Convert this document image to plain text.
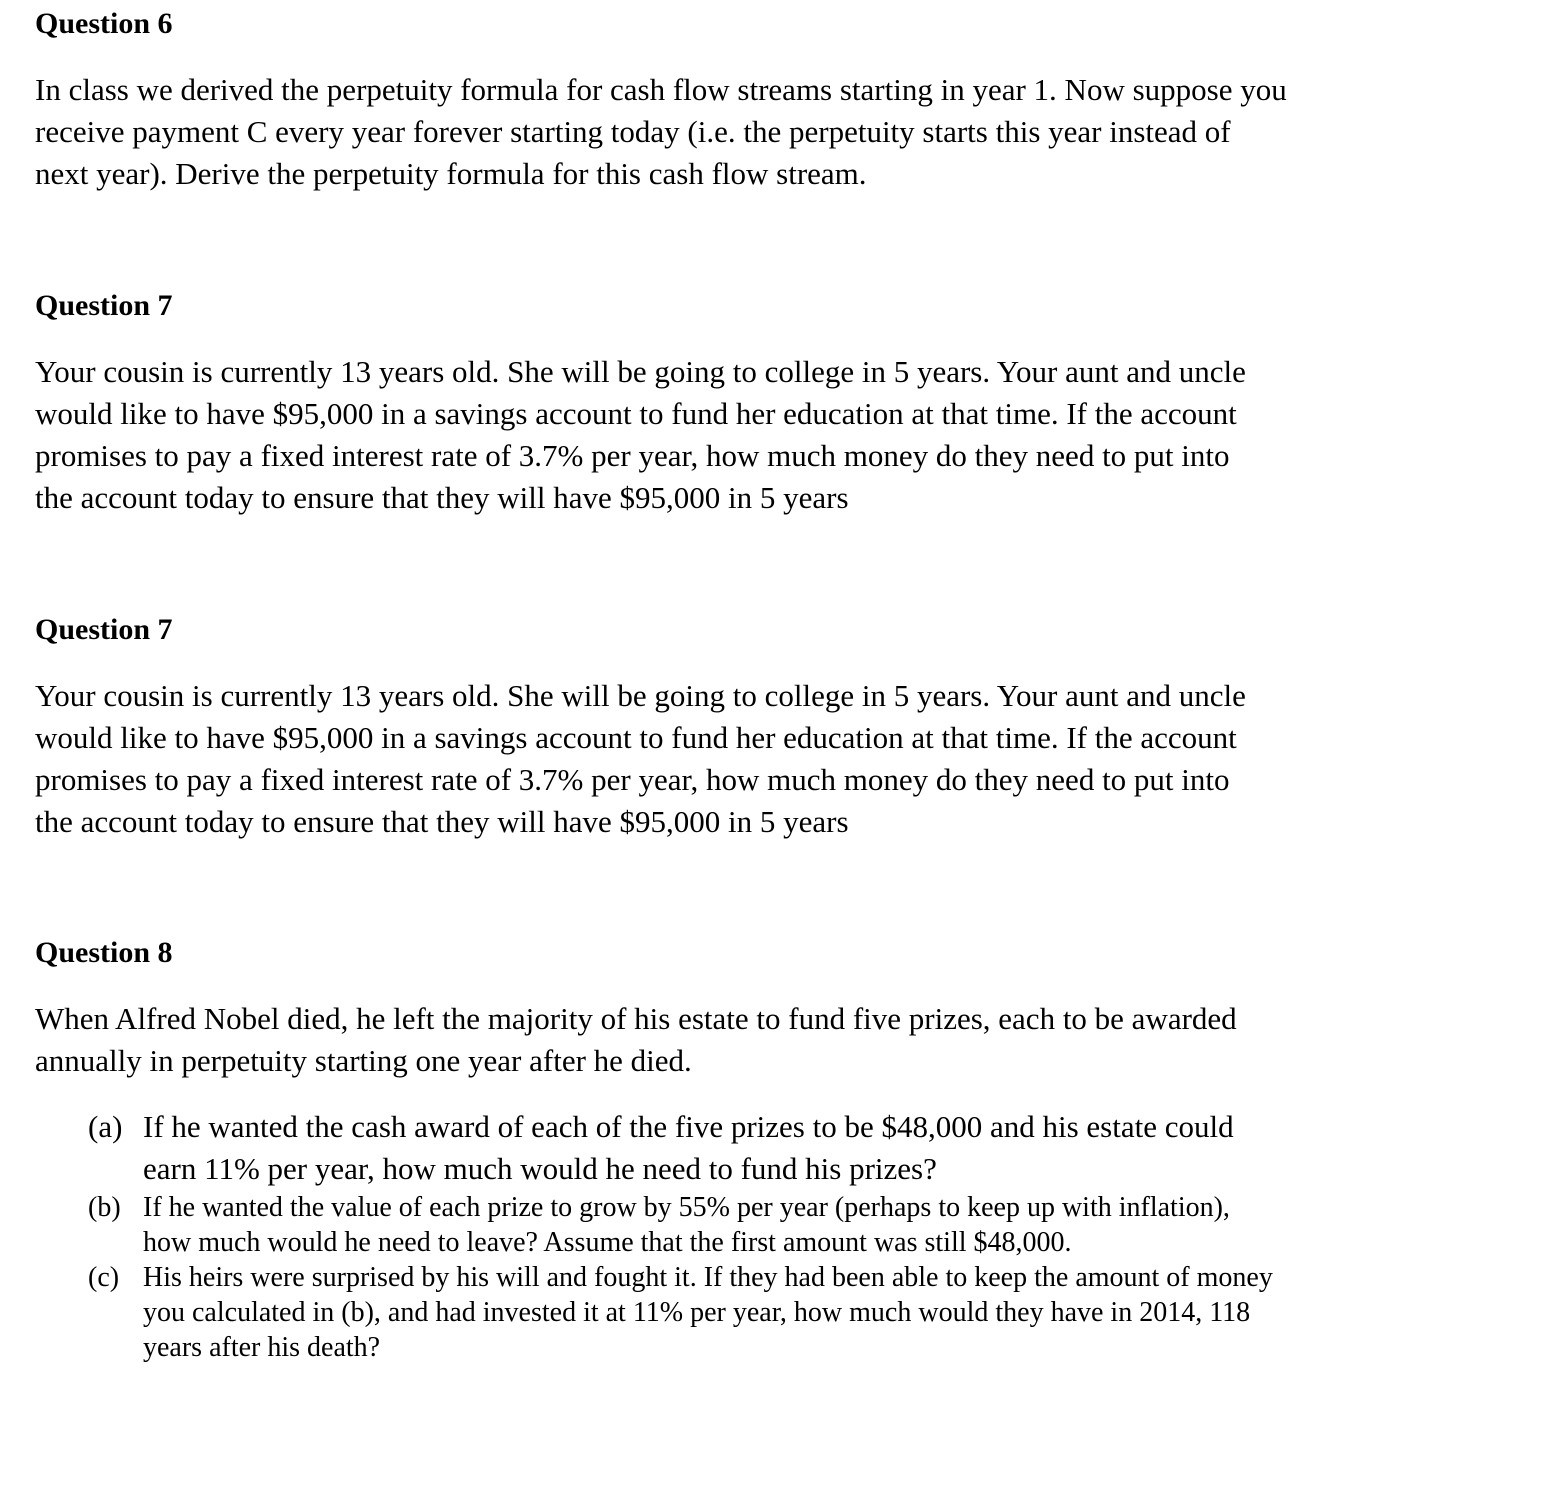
Question 6

In class we derived the perpetuity formula for cash flow streams starting in year 1. Now suppose you
receive payment C every year forever starting today (i.e. the perpetuity starts this year instead of
next year). Derive the perpetuity formula for this cash flow stream.

Question 7

Your cousin is currently 13 years old. She will be going to college in 5 years. Your aunt and uncle
would like to have $95,000 in a savings account to fund her education at that time. If the account
promises to pay a fixed interest rate of 3.7% per year, how much money do they need to put into
the account today to ensure that they will have $95,000 in 5 years

Question 7

Your cousin is currently 13 years old. She will be going to college in 5 years. Your aunt and uncle
would like to have $95,000 in a savings account to fund her education at that time. If the account
promises to pay a fixed interest rate of 3.7% per year, how much money do they need to put into
the account today to ensure that they will have $95,000 in 5 years

Question 8

When Alfred Nobel died, he left the majority of his estate to fund five prizes, each to be awarded
annually in perpetuity starting one year after he died.

(a) If he wanted the cash award of each of the five prizes to be $48,000 and his estate could
earn 11% per year, how much would he need to fund his prizes?
(b) If he wanted the value of each prize to grow by 55% per year (perhaps to keep up with inflation),
how much would he need to leave? Assume that the first amount was still $48,000.
(c) His heirs were surprised by his will and fought it. If they had been able to keep the amount of money
you calculated in (b), and had invested it at 11% per year, how much would they have in 2014, 118
years after his death?
